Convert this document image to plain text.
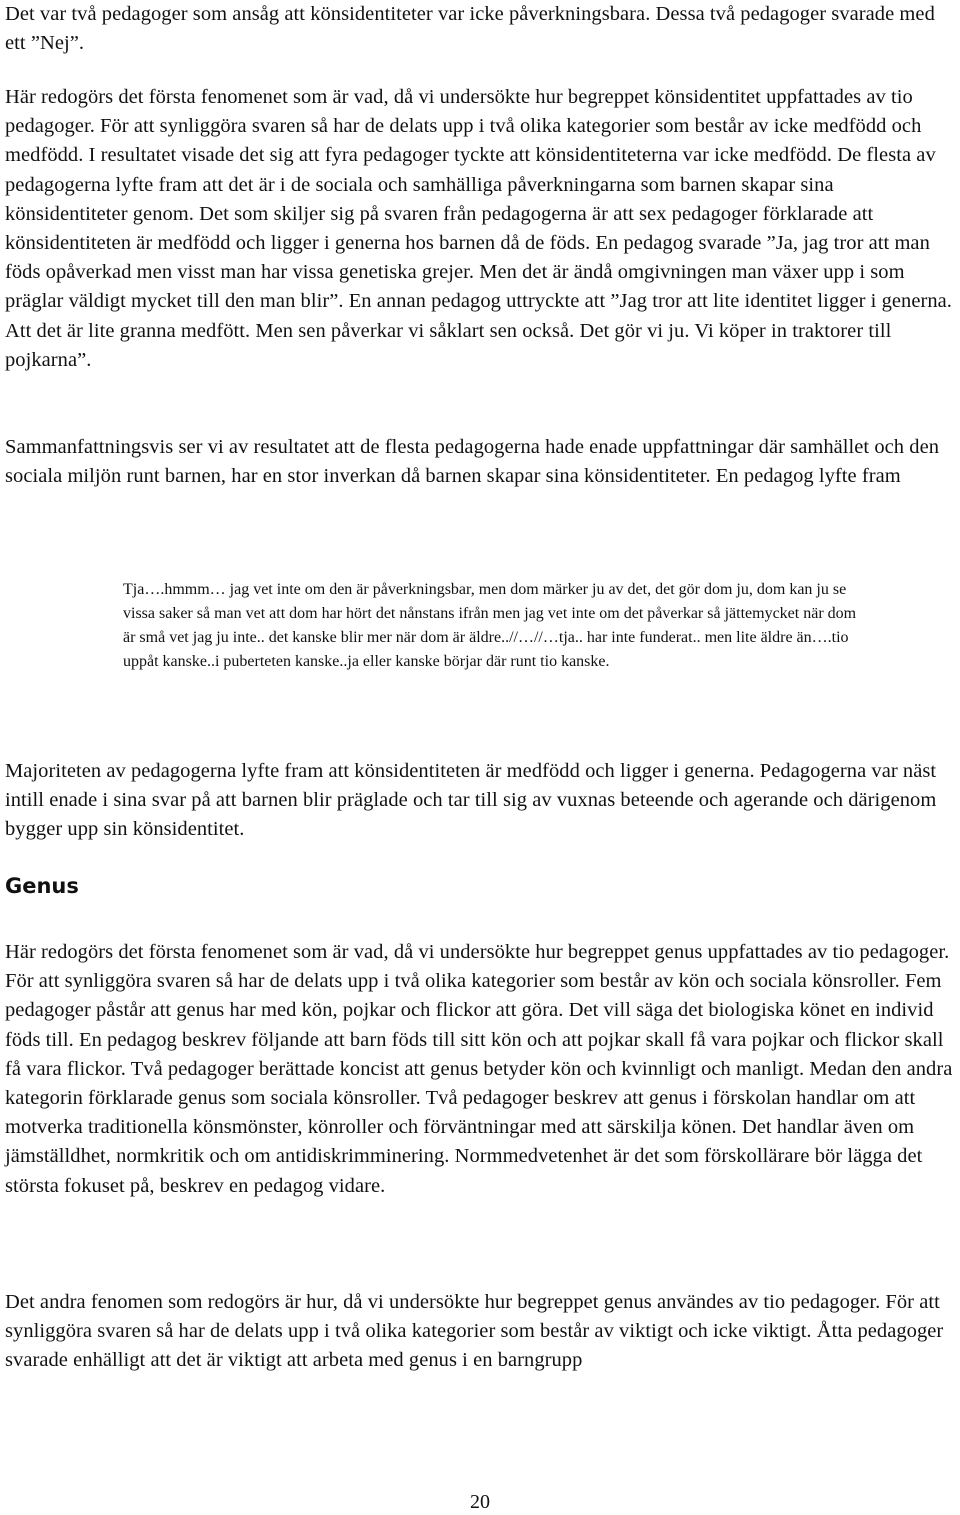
Det var två pedagoger som ansåg att könsidentiteter var icke påverkningsbara. Dessa två pedagoger svarade med ett ”Nej”.

Här redogörs det första fenomenet som är vad, då vi undersökte hur begreppet könsidentitet uppfattades av tio pedagoger. För att synliggöra svaren så har de delats upp i två olika kategorier som består av icke medfödd och medfödd. I resultatet visade det sig att fyra pedagoger tyckte att könsidentiteterna var icke medfödd. De flesta av pedagogerna lyfte fram att det är i de sociala och samhälliga påverkningarna som barnen skapar sina könsidentiteter genom. Det som skiljer sig på svaren från pedagogerna är att sex pedagoger förklarade att könsidentiteten är medfödd och ligger i generna hos barnen då de föds. En pedagog svarade ”Ja, jag tror att man föds opåverkad men visst man har vissa genetiska grejer. Men det är ändå omgivningen man växer upp i som präglar väldigt mycket till den man blir”. En annan pedagog uttryckte att ”Jag tror att lite identitet ligger i generna. Att det är lite granna medfött. Men sen påverkar vi såklart sen också. Det gör vi ju. Vi köper in traktorer till pojkarna”.

Sammanfattningsvis ser vi av resultatet att de flesta pedagogerna hade enade uppfattningar där samhället och den sociala miljön runt barnen, har en stor inverkan då barnen skapar sina könsidentiteter. En pedagog lyfte fram

Tja….hmmm… jag vet inte om den är påverkningsbar, men dom märker ju av det, det gör dom ju, dom kan ju se vissa saker så man vet att dom har hört det nånstans ifrån men jag vet inte om det påverkar så jättemycket när dom är små vet jag ju inte.. det kanske blir mer när dom är äldre..//…//…tja.. har inte funderat.. men lite äldre än….tio uppåt kanske..i puberteten kanske..ja eller kanske börjar där runt tio kanske.

Majoriteten av pedagogerna lyfte fram att könsidentiteten är medfödd och ligger i generna. Pedagogerna var näst intill enade i sina svar på att barnen blir präglade och tar till sig av vuxnas beteende och agerande och därigenom bygger upp sin könsidentitet.

Genus

Här redogörs det första fenomenet som är vad, då vi undersökte hur begreppet genus uppfattades av tio pedagoger. För att synliggöra svaren så har de delats upp i två olika kategorier som består av kön och sociala könsroller. Fem pedagoger påstår att genus har med kön, pojkar och flickor att göra. Det vill säga det biologiska könet en individ föds till. En pedagog beskrev följande att barn föds till sitt kön och att pojkar skall få vara pojkar och flickor skall få vara flickor. Två pedagoger berättade koncist att genus betyder kön och kvinnligt och manligt. Medan den andra kategorin förklarade genus som sociala könsroller. Två pedagoger beskrev att genus i förskolan handlar om att motverka traditionella könsmönster, könroller och förväntningar med att särskilja könen. Det handlar även om jämställdhet, normkritik och om antidiskrimminering. Normmedvetenhet är det som förskollärare bör lägga det största fokuset på, beskrev en pedagog vidare.

Det andra fenomen som redogörs är hur, då vi undersökte hur begreppet genus användes av tio pedagoger. För att synliggöra svaren så har de delats upp i två olika kategorier som består av viktigt och icke viktigt. Åtta pedagoger svarade enhälligt att det är viktigt att arbeta med genus i en barngrupp

20
